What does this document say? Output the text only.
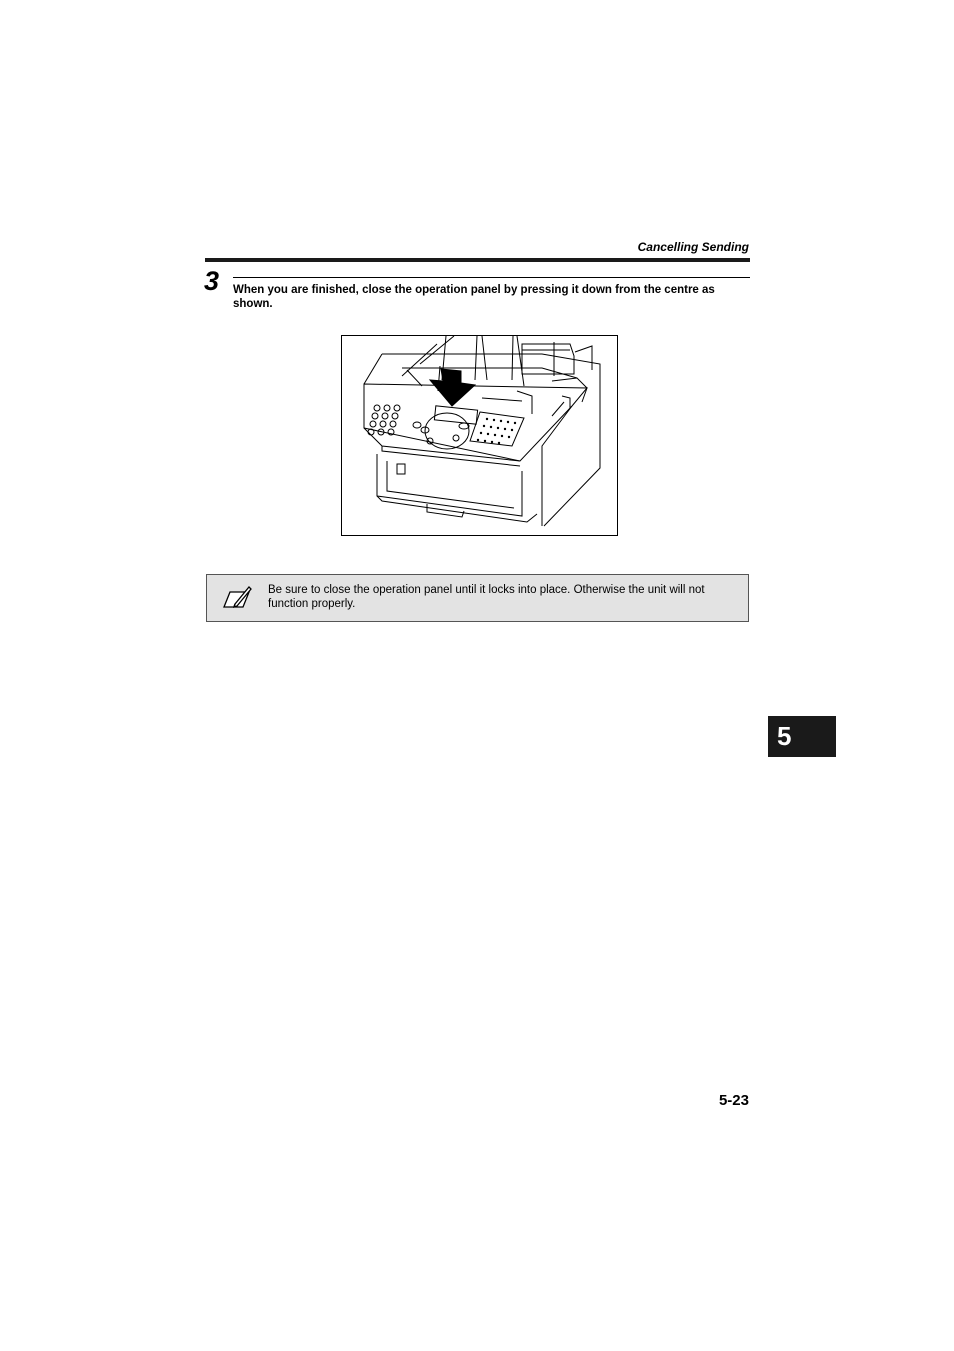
Cancelling Sending
3 When you are finished, close the operation panel by pressing it down from the centre as shown.
Be sure to close the operation panel until it locks into place. Otherwise the unit will not function properly.
5-23
5
